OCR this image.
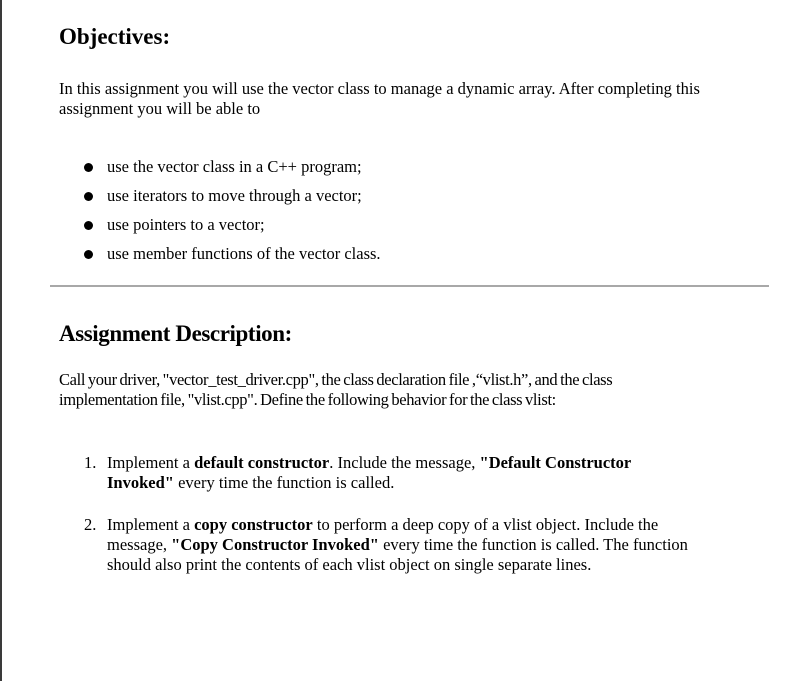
Objectives:

In this assignment you will use the vector class to manage a dynamic array. After completing this assignment you will be able to

use the vector class in a C++ program;
use iterators to move through a vector;
use pointers to a vector;
use member functions of the vector class.
Assignment Description:

Call your driver, "vector_test_driver.cpp", the class declaration file ,“vlist.h”, and the class implementation file, "vlist.cpp". Define the following behavior for the class vlist:

1. Implement a default constructor. Include the message, "Default Constructor Invoked" every time the function is called.
2. Implement a copy constructor to perform a deep copy of a vlist object. Include the message, "Copy Constructor Invoked" every time the function is called. The function should also print the contents of each vlist object on single separate lines.
